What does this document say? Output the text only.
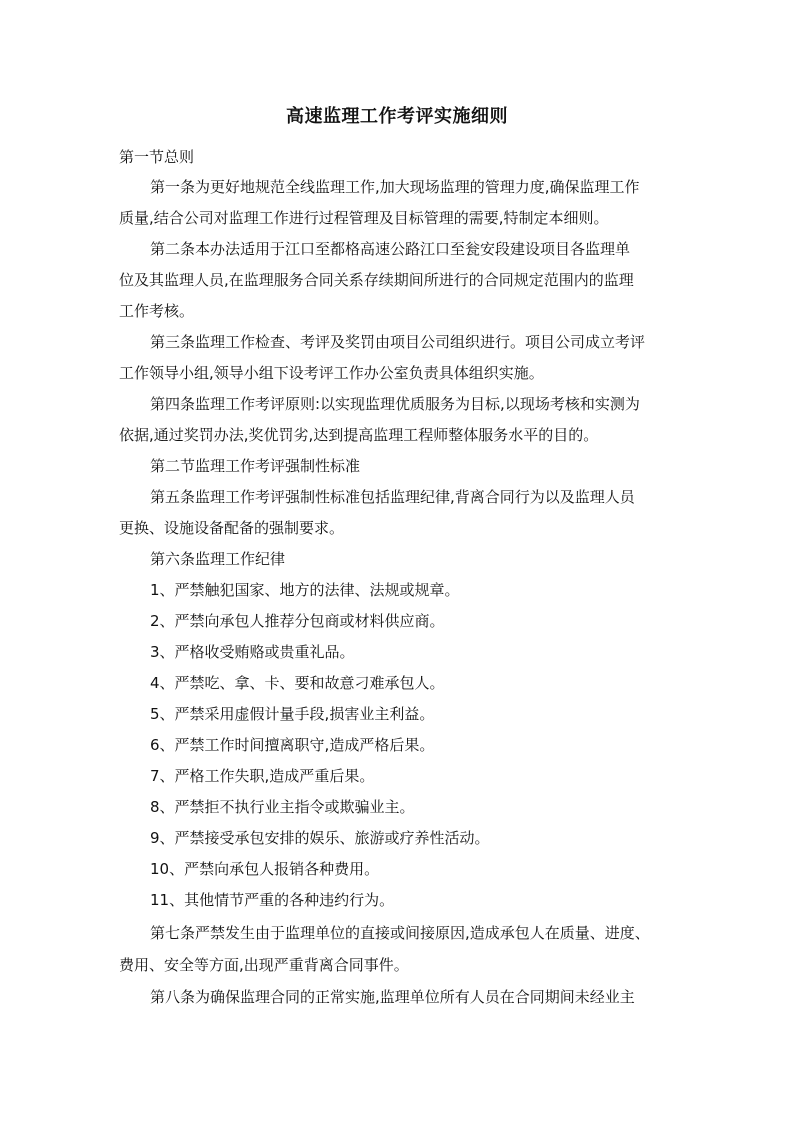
高速监理工作考评实施细则
第一节总则
第一条为更好地规范全线监理工作,加大现场监理的管理力度,确保监理工作
质量,结合公司对监理工作进行过程管理及目标管理的需要,特制定本细则。
第二条本办法适用于江口至都格高速公路江口至瓮安段建设项目各监理单
位及其监理人员,在监理服务合同关系存续期间所进行的合同规定范围内的监理
工作考核。
第三条监理工作检查、考评及奖罚由项目公司组织进行。项目公司成立考评
工作领导小组,领导小组下设考评工作办公室负责具体组织实施。
第四条监理工作考评原则:以实现监理优质服务为目标,以现场考核和实测为
依据,通过奖罚办法,奖优罚劣,达到提高监理工程师整体服务水平的目的。
第二节监理工作考评强制性标准
第五条监理工作考评强制性标准包括监理纪律,背离合同行为以及监理人员
更换、设施设备配备的强制要求。
第六条监理工作纪律
1、严禁触犯国家、地方的法律、法规或规章。
2、严禁向承包人推荐分包商或材料供应商。
3、严格收受贿赂或贵重礼品。
4、严禁吃、拿、卡、要和故意刁难承包人。
5、严禁采用虚假计量手段,损害业主利益。
6、严禁工作时间擅离职守,造成严格后果。
7、严格工作失职,造成严重后果。
8、严禁拒不执行业主指令或欺骗业主。
9、严禁接受承包安排的娱乐、旅游或疗养性活动。
10、严禁向承包人报销各种费用。
11、其他情节严重的各种违约行为。
第七条严禁发生由于监理单位的直接或间接原因,造成承包人在质量、进度、
费用、安全等方面,出现严重背离合同事件。
第八条为确保监理合同的正常实施,监理单位所有人员在合同期间未经业主
